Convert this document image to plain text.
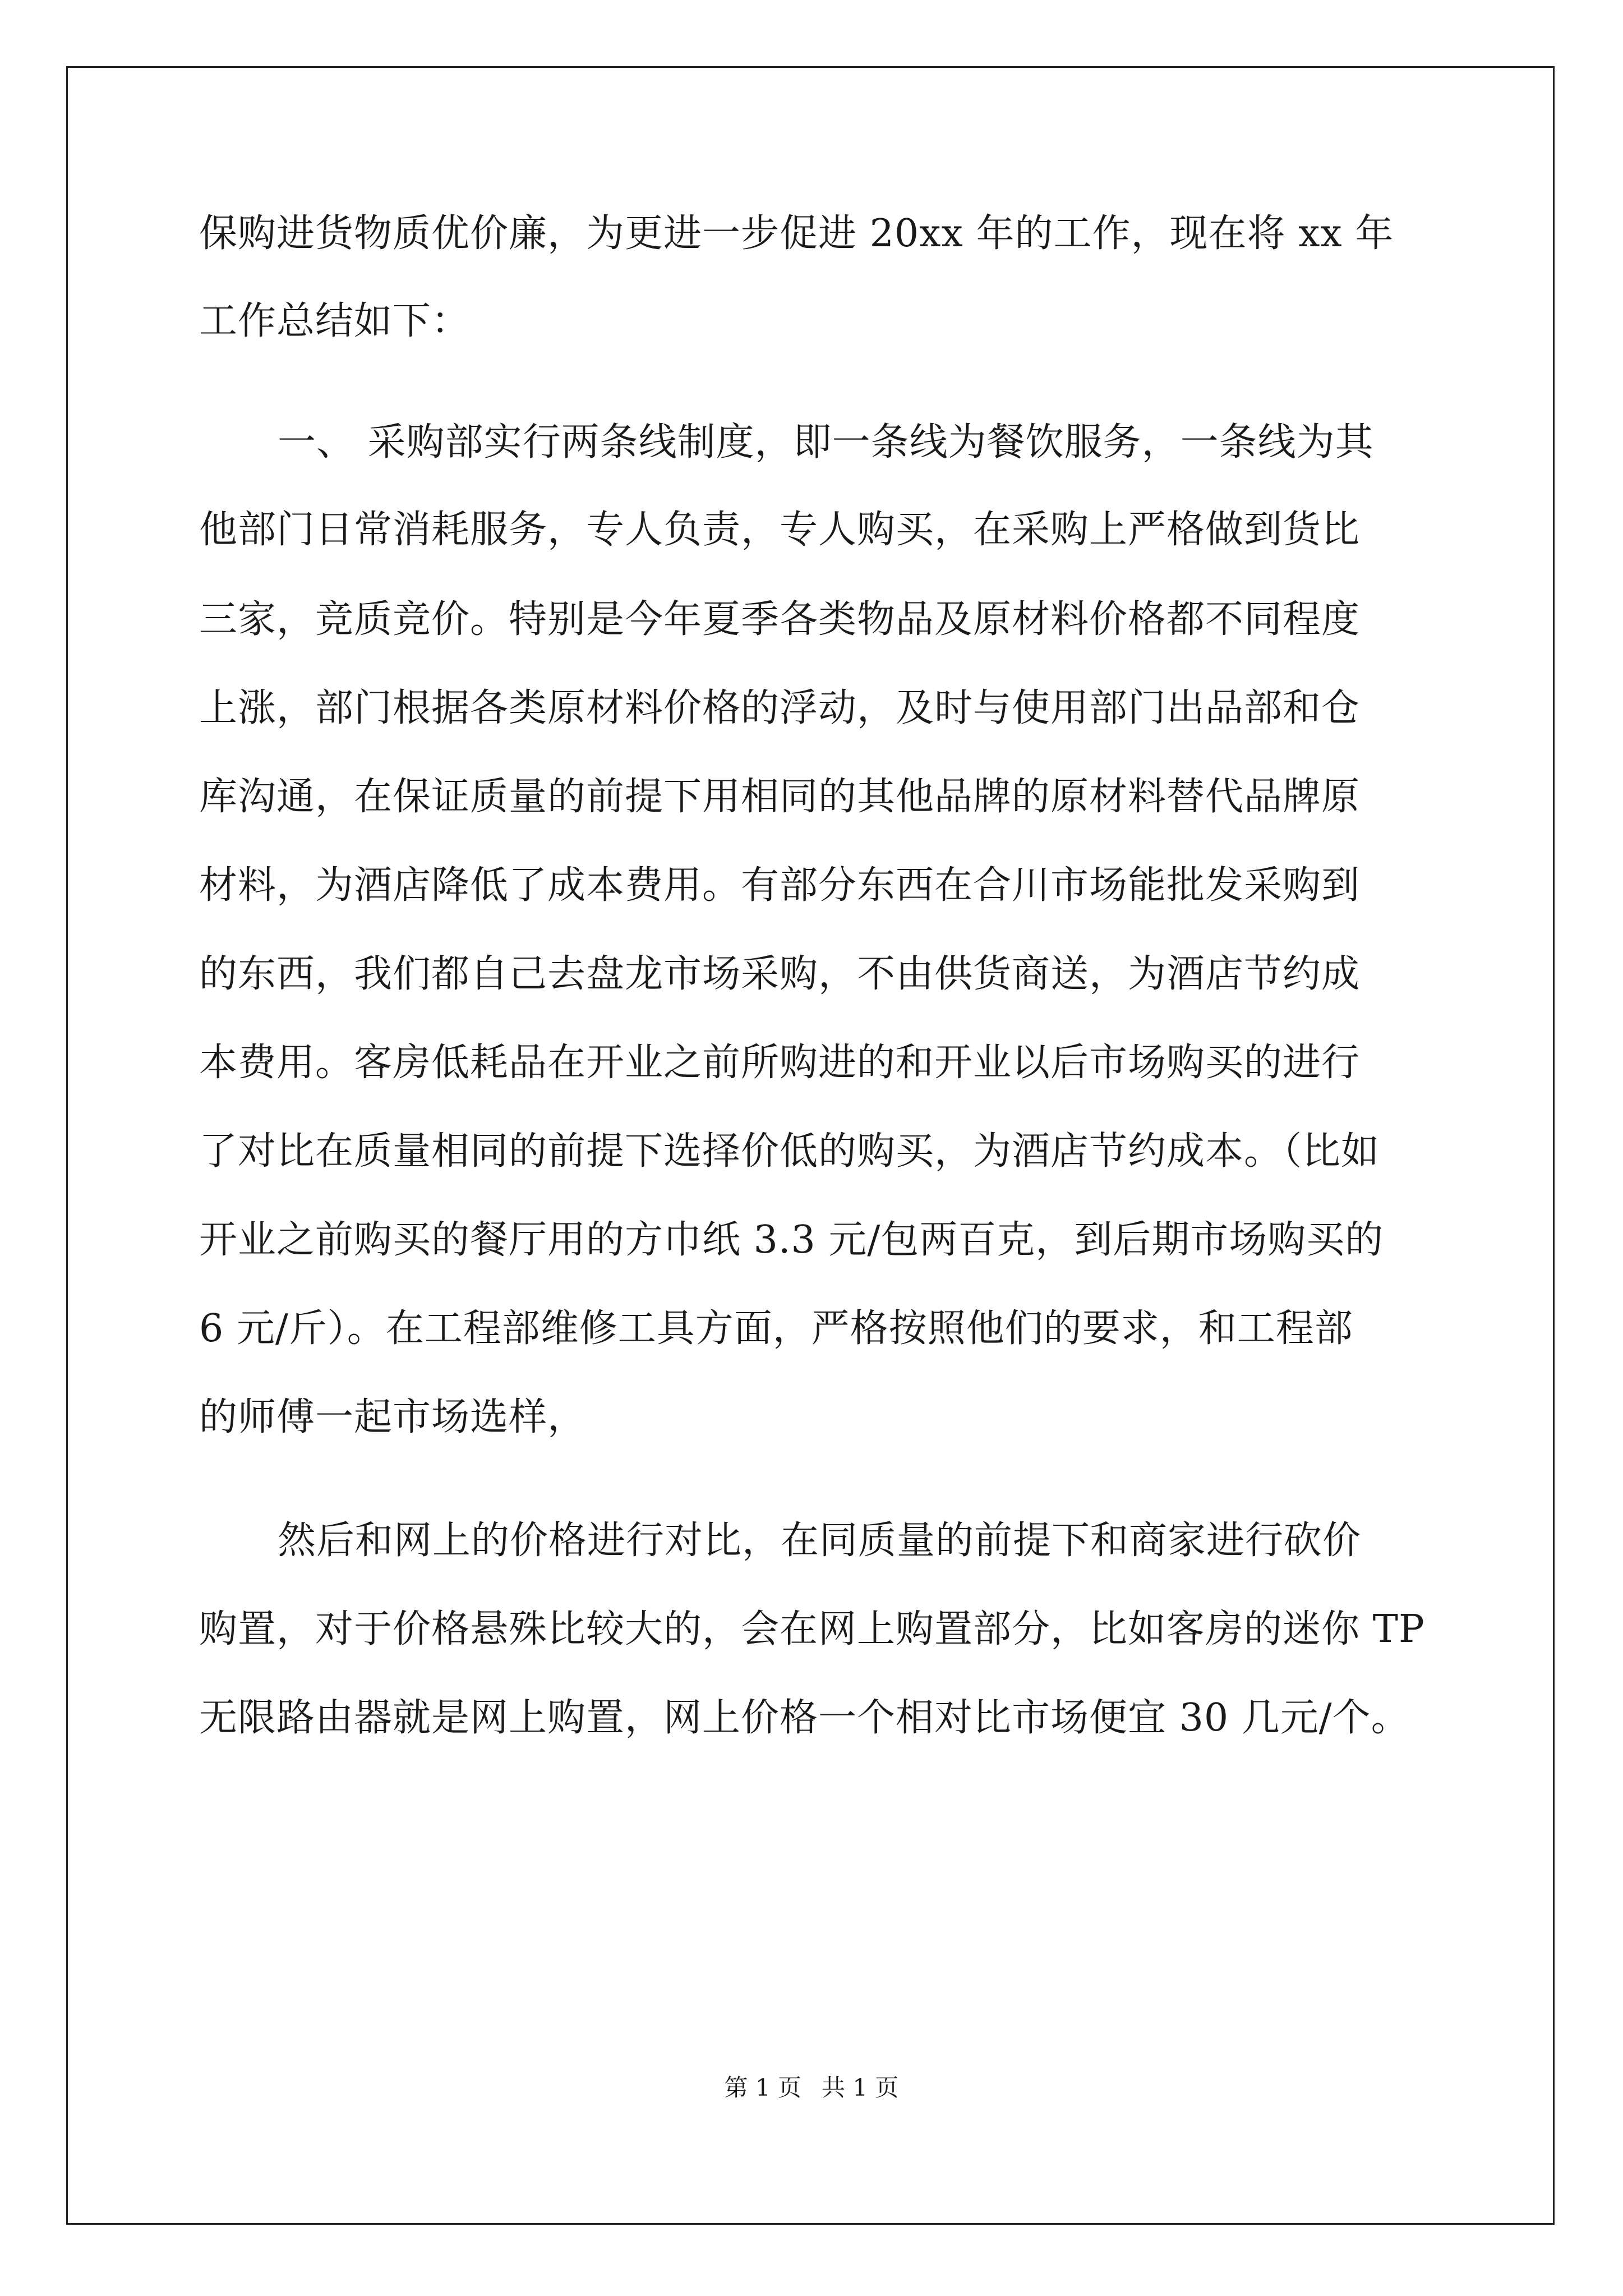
保购进货物质优价廉，为更进一步促进 20xx 年的工作，现在将 xx 年
工作总结如下：
一、 采购部实行两条线制度，即一条线为餐饮服务，一条线为其
他部门日常消耗服务，专人负责，专人购买，在采购上严格做到货比
三家，竞质竞价。特别是今年夏季各类物品及原材料价格都不同程度
上涨，部门根据各类原材料价格的浮动，及时与使用部门出品部和仓
库沟通，在保证质量的前提下用相同的其他品牌的原材料替代品牌原
材料，为酒店降低了成本费用。有部分东西在合川市场能批发采购到
的东西，我们都自己去盘龙市场采购，不由供货商送，为酒店节约成
本费用。客房低耗品在开业之前所购进的和开业以后市场购买的进行
了对比在质量相同的前提下选择价低的购买，为酒店节约成本。（比如
开业之前购买的餐厅用的方巾纸 3.3 元/包两百克，到后期市场购买的
6 元/斤）。在工程部维修工具方面，严格按照他们的要求，和工程部
的师傅一起市场选样，
然后和网上的价格进行对比，在同质量的前提下和商家进行砍价
购置，对于价格悬殊比较大的，会在网上购置部分，比如客房的迷你 TP
无限路由器就是网上购置，网上价格一个相对比市场便宜 30 几元/个。
第 1 页 共 1 页
